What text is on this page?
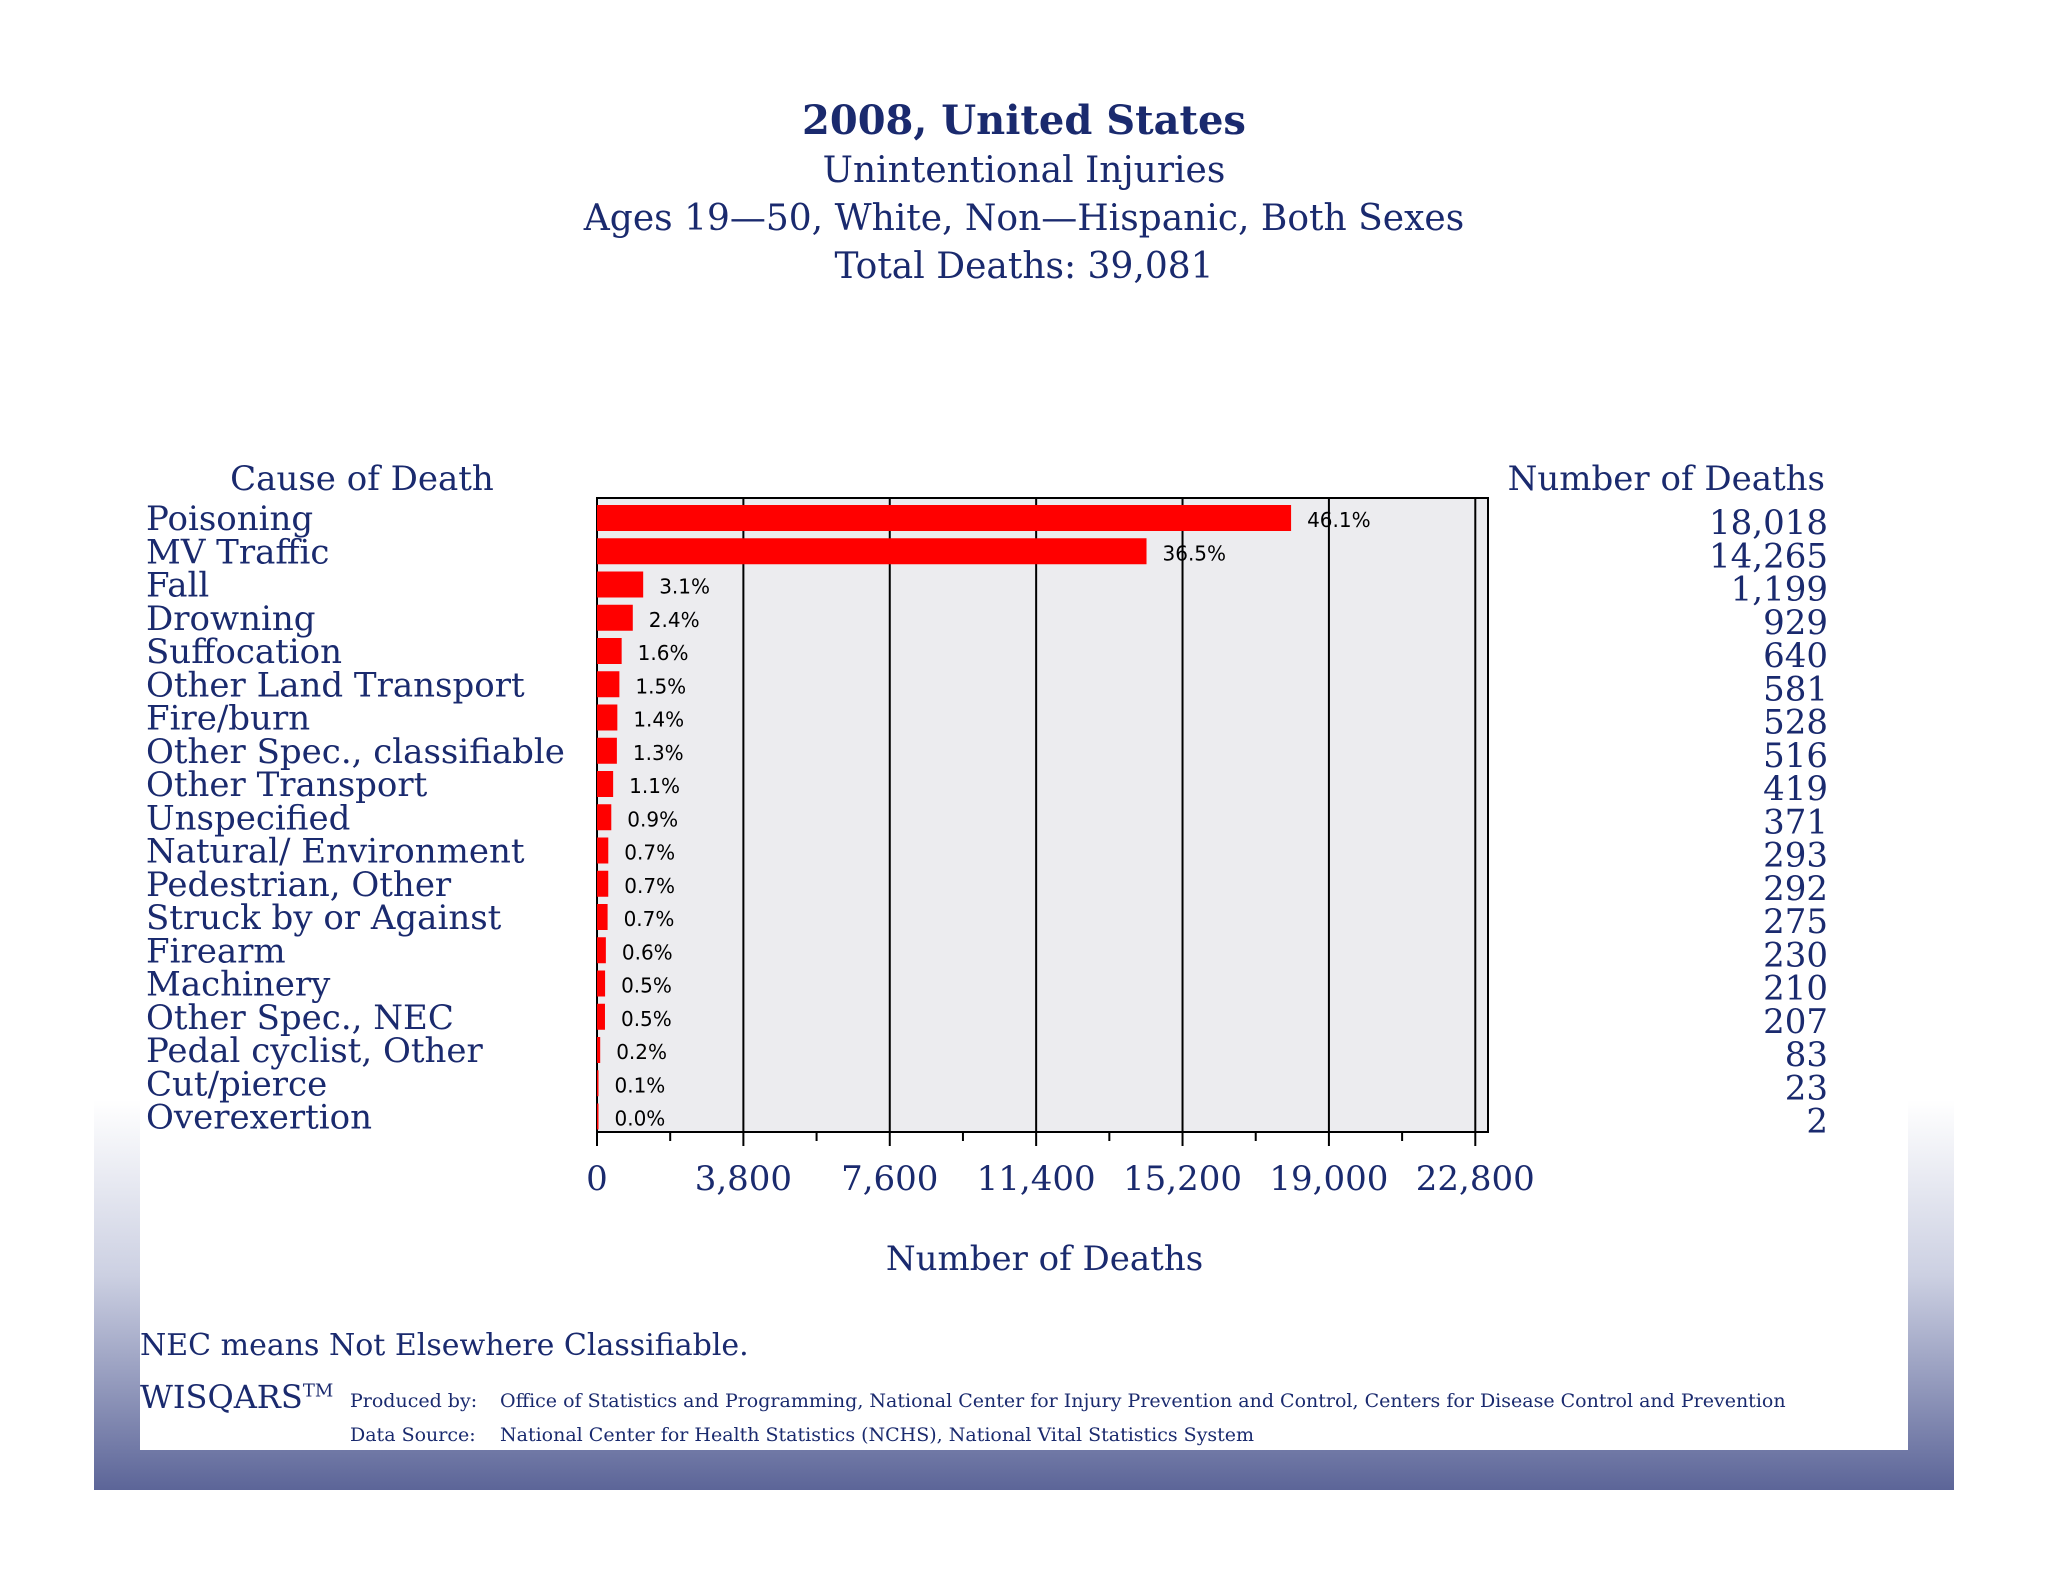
2008, United States
Unintentional Injuries
Ages 19—50, White, Non—Hispanic, Both Sexes
Total Deaths: 39,081
0	3,800 7,600 11,400 15,200 19,000 22,800
Cause of Death	Number of Deaths
46.1%
Poisoning	18,018
36.5%
MV Traffic	14,265
3.1%
Fall	1,199
2.4%
Drowning	929
1.6%
Suffocation	640
1.5%
Other Land Transport	581
1.4%
Fire/burn	528
1.3%
Other Spec., classifiable	516
1.1%
Other Transport	419
0.9%
Unspecified	371
0.7%
Natural/ Environment	293
0.7%
Pedestrian, Other	292
0.7%
Struck by or Against	275
0.6%
Firearm	230
0.5%
Machinery	210
0.5%
Other Spec., NEC	207
0.2%
Pedal cyclist, Other	83
0.1%
Cut/pierce	23
0.0%
Overexertion	2
Number of Deaths
NEC means Not Elsewhere Classifiable.
WISQARS™ Produced by: Office of Statistics and Programming, National Center for Injury Prevention and Control, Centers for Disease Control and Prevention
Data Source: National Center for Health Statistics (NCHS), National Vital Statistics System
